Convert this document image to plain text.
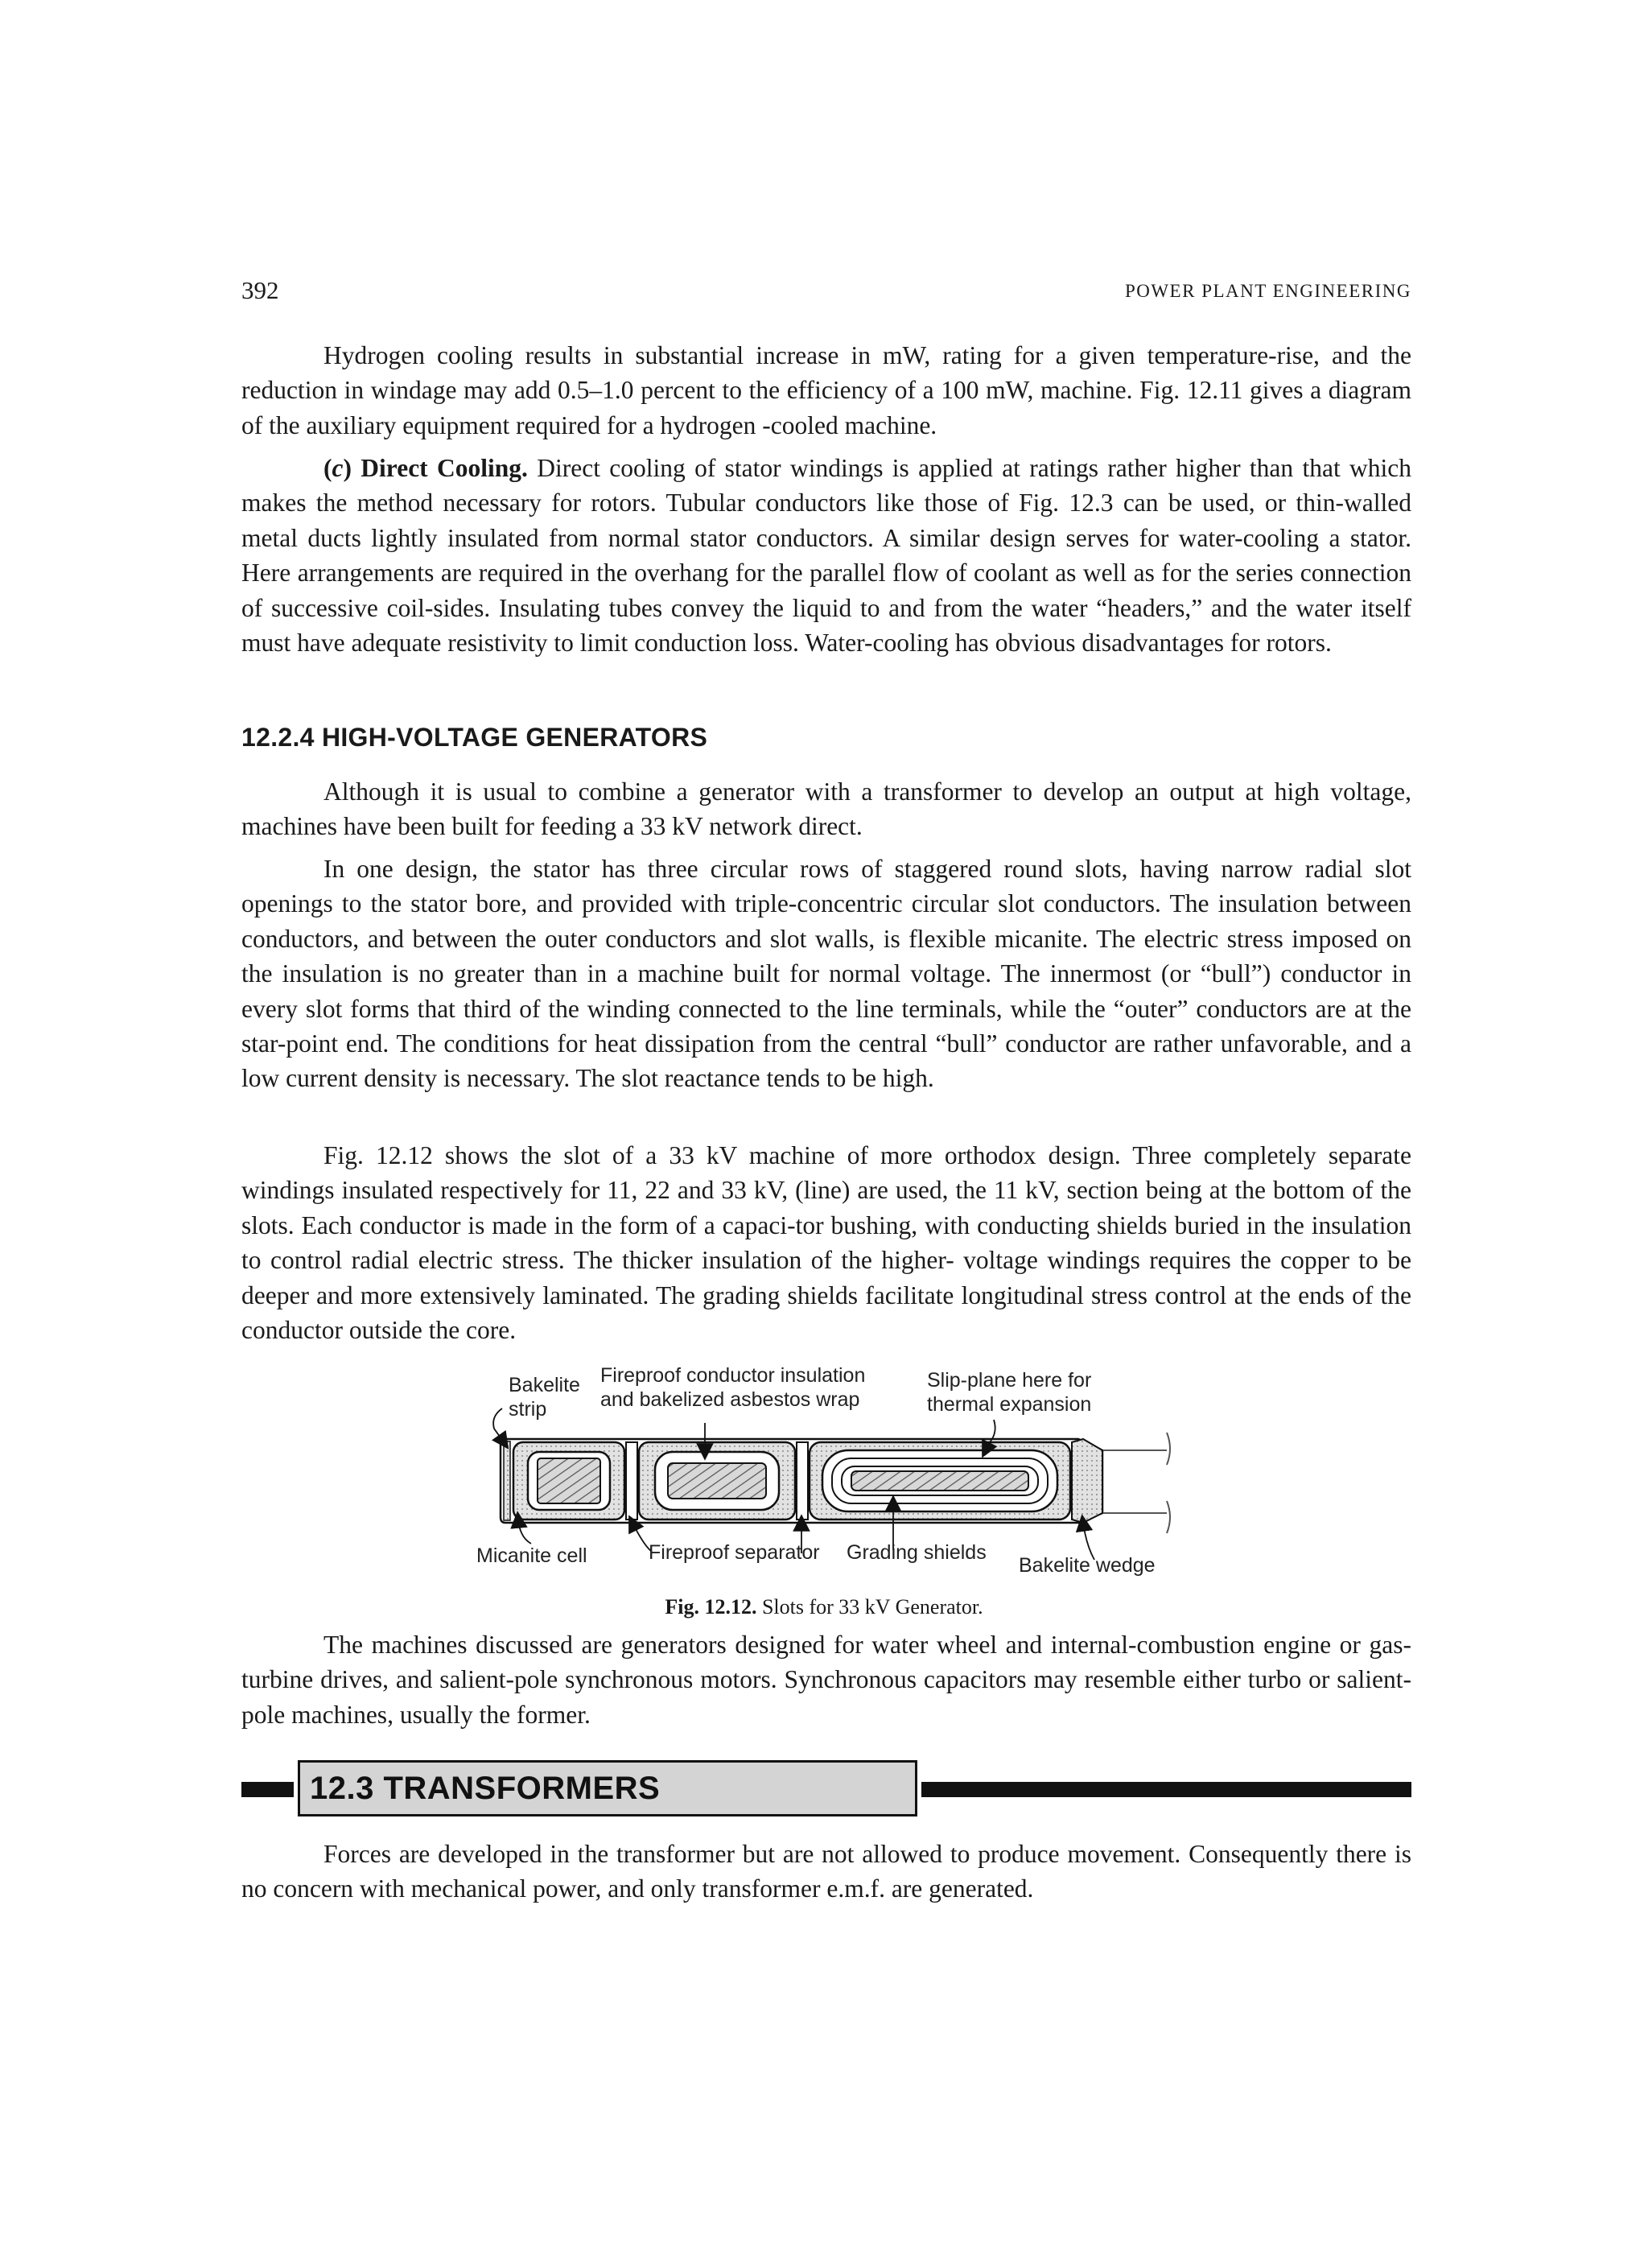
392	POWER PLANT ENGINEERING

Hydrogen cooling results in substantial increase in mW, rating for a given temperature-rise, and the reduction in windage may add 0.5–1.0 percent to the efficiency of a 100 mW, machine. Fig. 12.11 gives a diagram of the auxiliary equipment required for a hydrogen -cooled machine.

(c) Direct Cooling. Direct cooling of stator windings is applied at ratings rather higher than that which makes the method necessary for rotors. Tubular conductors like those of Fig. 12.3 can be used, or thin-walled metal ducts lightly insulated from normal stator conductors. A similar design serves for water-cooling a stator. Here arrangements are required in the overhang for the parallel flow of coolant as well as for the series connection of successive coil-sides. Insulating tubes convey the liquid to and from the water “headers,” and the water itself must have adequate resistivity to limit conduction loss. Water-cooling has obvious disadvantages for rotors.

12.2.4 HIGH-VOLTAGE GENERATORS

Although it is usual to combine a generator with a transformer to develop an output at high voltage, machines have been built for feeding a 33 kV network direct.

In one design, the stator has three circular rows of staggered round slots, having narrow radial slot openings to the stator bore, and provided with triple-concentric circular slot conductors. The insulation between conductors, and between the outer conductors and slot walls, is flexible micanite. The electric stress imposed on the insulation is no greater than in a machine built for normal voltage. The innermost (or “bull”) conductor in every slot forms that third of the winding connected to the line terminals, while the “outer” conductors are at the star-point end. The conditions for heat dissipation from the central “bull” conductor are rather unfavorable, and a low current density is necessary. The slot reactance tends to be high.

Fig. 12.12 shows the slot of a 33 kV machine of more orthodox design. Three completely separate windings insulated respectively for 11, 22 and 33 kV, (line) are used, the 11 kV, section being at the bottom of the slots. Each conductor is made in the form of a capaci-tor bushing, with conducting shields buried in the insulation to control radial electric stress. The thicker insulation of the higher- voltage windings requires the copper to be deeper and more extensively laminated. The grading shields facilitate longitudinal stress control at the ends of the conductor outside the core.

Bakelite
strip
Fireproof conductor insulation
and bakelized asbestos wrap
Slip-plane here for
thermal expansion
Micanite cell	Fireproof separator Grading shields
Bakelite wedge
Fig. 12.12. Slots for 33 kV Generator.

The machines discussed are generators designed for water wheel and internal-combustion engine or gas-turbine drives, and salient-pole synchronous motors. Synchronous capacitors may resemble either turbo or salient-pole machines, usually the former.

12.3 TRANSFORMERS

Forces are developed in the transformer but are not allowed to produce movement. Consequently there is no concern with mechanical power, and only transformer e.m.f. are generated.
